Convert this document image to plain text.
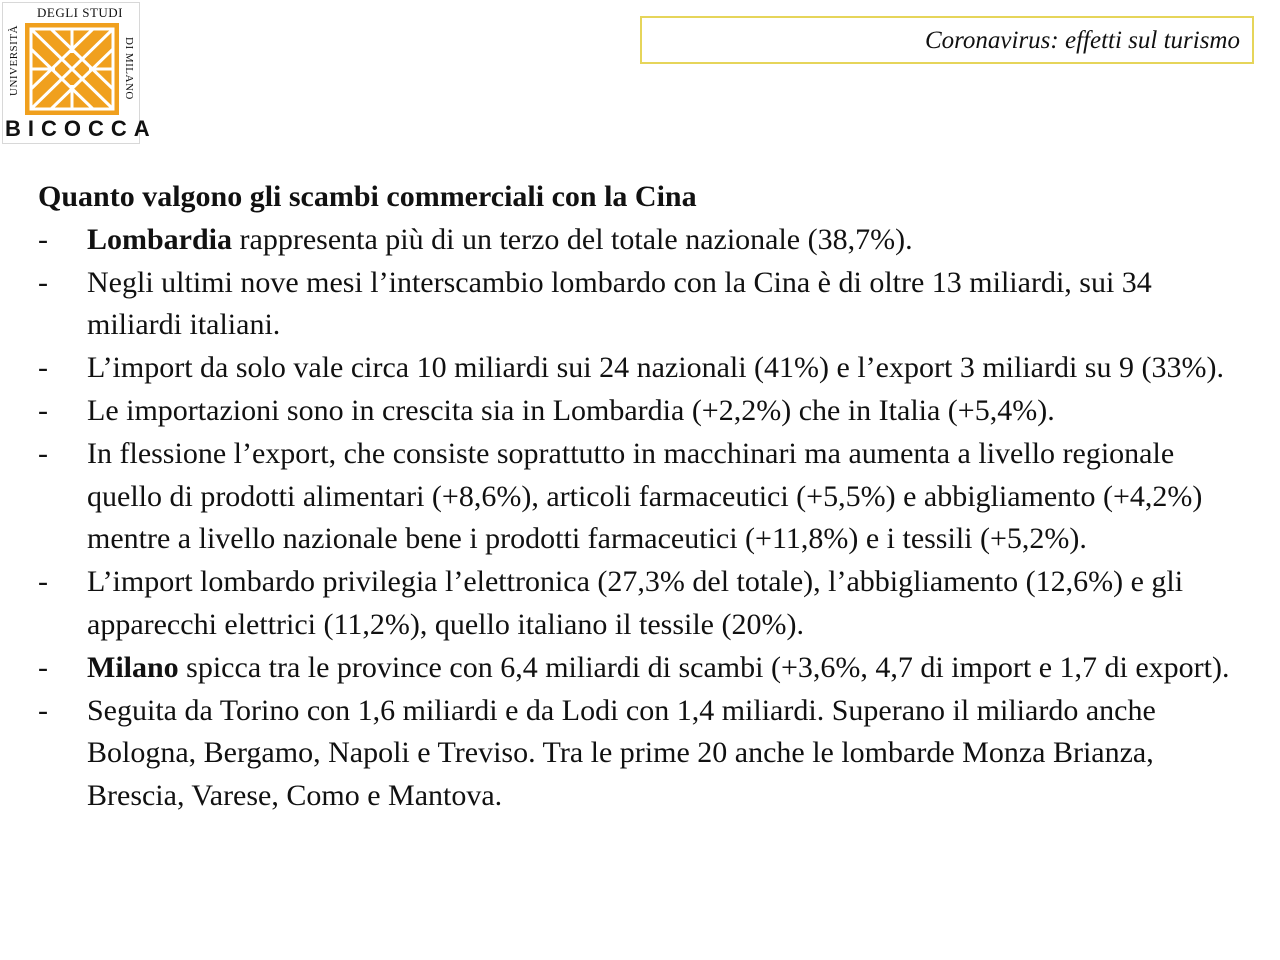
UNIVERSITÀ
DEGLI STUDI
DI MILANO
BICOCCA
Coronavirus: effetti sul turismo

Quanto valgono gli scambi commerciali con la Cina

-	Lombardia rappresenta più di un terzo del totale nazionale (38,7%).
-	Negli ultimi nove mesi l’interscambio lombardo con la Cina è di oltre 13 miliardi, sui 34 miliardi italiani.
-	L’import da solo vale circa 10 miliardi sui 24 nazionali (41%) e l’export 3 miliardi su 9 (33%).
-	Le importazioni sono in crescita sia in Lombardia (+2,2%) che in Italia (+5,4%).
-	In flessione l’export, che consiste soprattutto in macchinari ma aumenta a livello regionale quello di prodotti alimentari (+8,6%), articoli farmaceutici (+5,5%) e abbigliamento (+4,2%) mentre a livello nazionale bene i prodotti farmaceutici (+11,8%) e i tessili (+5,2%).
-	L’import lombardo privilegia l’elettronica (27,3% del totale), l’abbigliamento (12,6%) e gli apparecchi elettrici (11,2%), quello italiano il tessile (20%).
-	Milano spicca tra le province con 6,4 miliardi di scambi (+3,6%, 4,7 di import e 1,7 di export).
-	Seguita da Torino con 1,6 miliardi e da Lodi con 1,4 miliardi. Superano il miliardo anche Bologna, Bergamo, Napoli e Treviso. Tra le prime 20 anche le lombarde Monza Brianza, Brescia, Varese, Como e Mantova.
